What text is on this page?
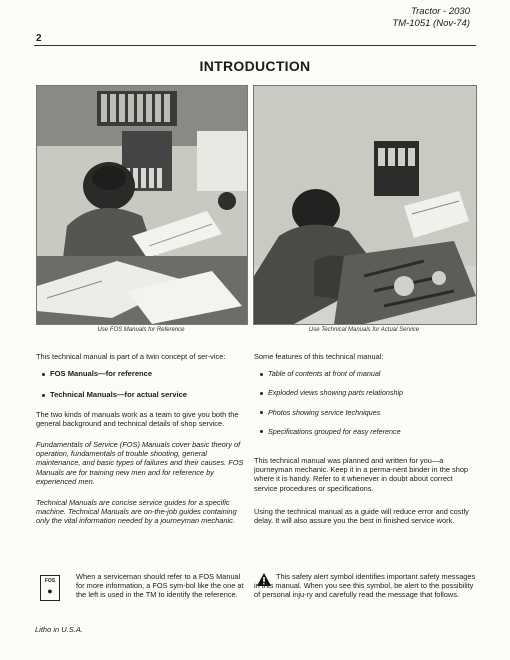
Tractor - 2030
TM-1051 (Nov-74)
2
INTRODUCTION
Use FOS Manuals for Reference	Use Technical Manuals for Actual Service

This technical manual is part of a twin concept of ser-vice:

FOS Manuals—for reference
Technical Manuals—for actual service

The two kinds of manuals work as a team to give you both the general background and technical details of shop service.

Fundamentals of Service (FOS) Manuals cover basic theory of operation, fundamentals of trouble shooting, general maintenance, and basic types of failures and their causes. FOS Manuals are for training new men and for reference by experienced men.

Technical Manuals are concise service guides for a specific machine. Technical Manuals are on-the-job guides containing only the vital information needed by a journeyman mechanic.

FOS
●
When a serviceman should refer to a FOS Manual for more information, a FOS sym-bol like the one at the left is used in the TM to identify the reference.

Some features of this technical manual:

Table of contents at front of manual
Exploded views showing parts relationship
Photos showing service techniques
Specifications grouped for easy reference

This technical manual was planned and written for you—a journeyman mechanic. Keep it in a perma-nent binder in the shop where it is handy. Refer to it whenever in doubt about correct service procedures or specifications.

Using the technical manual as a guide will reduce error and costly delay. It will also assure you the best in finished service work.

This safety alert symbol identifies important safety messages in this manual. When you see this symbol, be alert to the possibility of personal inju-ry and carefully read the message that follows.
Litho in U.S.A.
